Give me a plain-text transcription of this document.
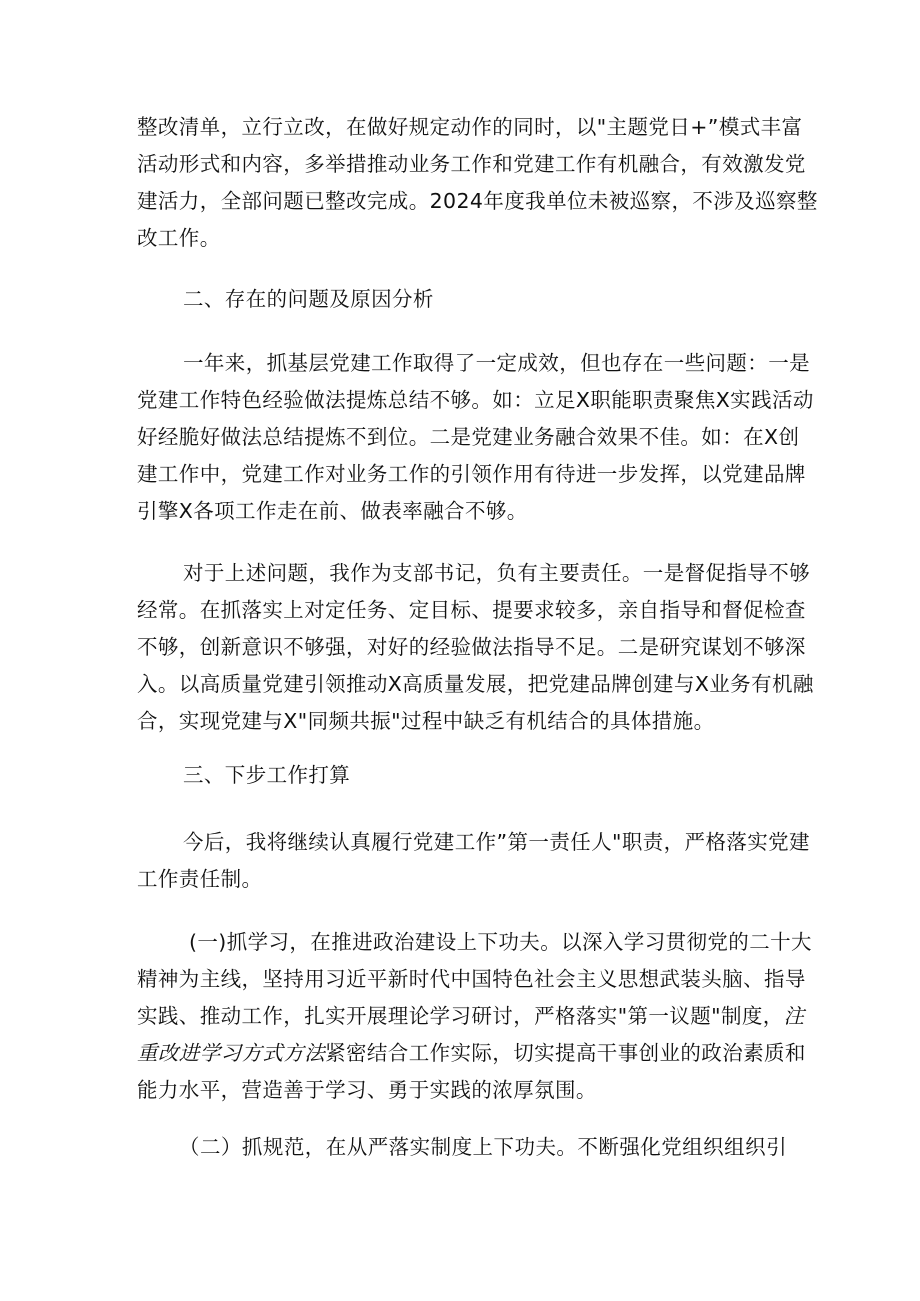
整改清单，立行立改，在做好规定动作的同时，以"主题党日+”模式丰富
活动形式和内容，多举措推动业务工作和党建工作有机融合，有效激发党
建活力，全部问题已整改完成。2024年度我单位未被巡察，不涉及巡察整
改工作。
二、存在的问题及原因分析
一年来，抓基层党建工作取得了一定成效，但也存在一些问题：一是
党建工作特色经验做法提炼总结不够。如：立足X职能职责聚焦X实践活动
好经脆好做法总结提炼不到位。二是党建业务融合效果不佳。如：在X创
建工作中，党建工作对业务工作的引领作用有待进一步发挥，以党建品牌
引擎X各项工作走在前、做表率融合不够。
对于上述问题，我作为支部书记，负有主要责任。一是督促指导不够
经常。在抓落实上对定任务、定目标、提要求较多，亲自指导和督促检查
不够，创新意识不够强，对好的经验做法指导不足。二是研究谋划不够深
入。以高质量党建引领推动X高质量发展，把党建品牌创建与X业务有机融
合，实现党建与X"同频共振"过程中缺乏有机结合的具体措施。
三、下步工作打算
今后，我将继续认真履行党建工作”第一责任人"职责，严格落实党建
工作责任制。
(一)抓学习，在推进政治建设上下功夫。以深入学习贯彻党的二十大
精神为主线，坚持用习近平新时代中国特色社会主义思想武装头脑、指导
实践、推动工作，扎实开展理论学习研讨，严格落实"第一议题"制度， 注
重改进学习方式方法 紧密结合工作实际，切实提高干事创业的政治素质和
能力水平，营造善于学习、勇于实践的浓厚氛围。
（二）抓规范，在从严落实制度上下功夫。不断强化党组织组织引
